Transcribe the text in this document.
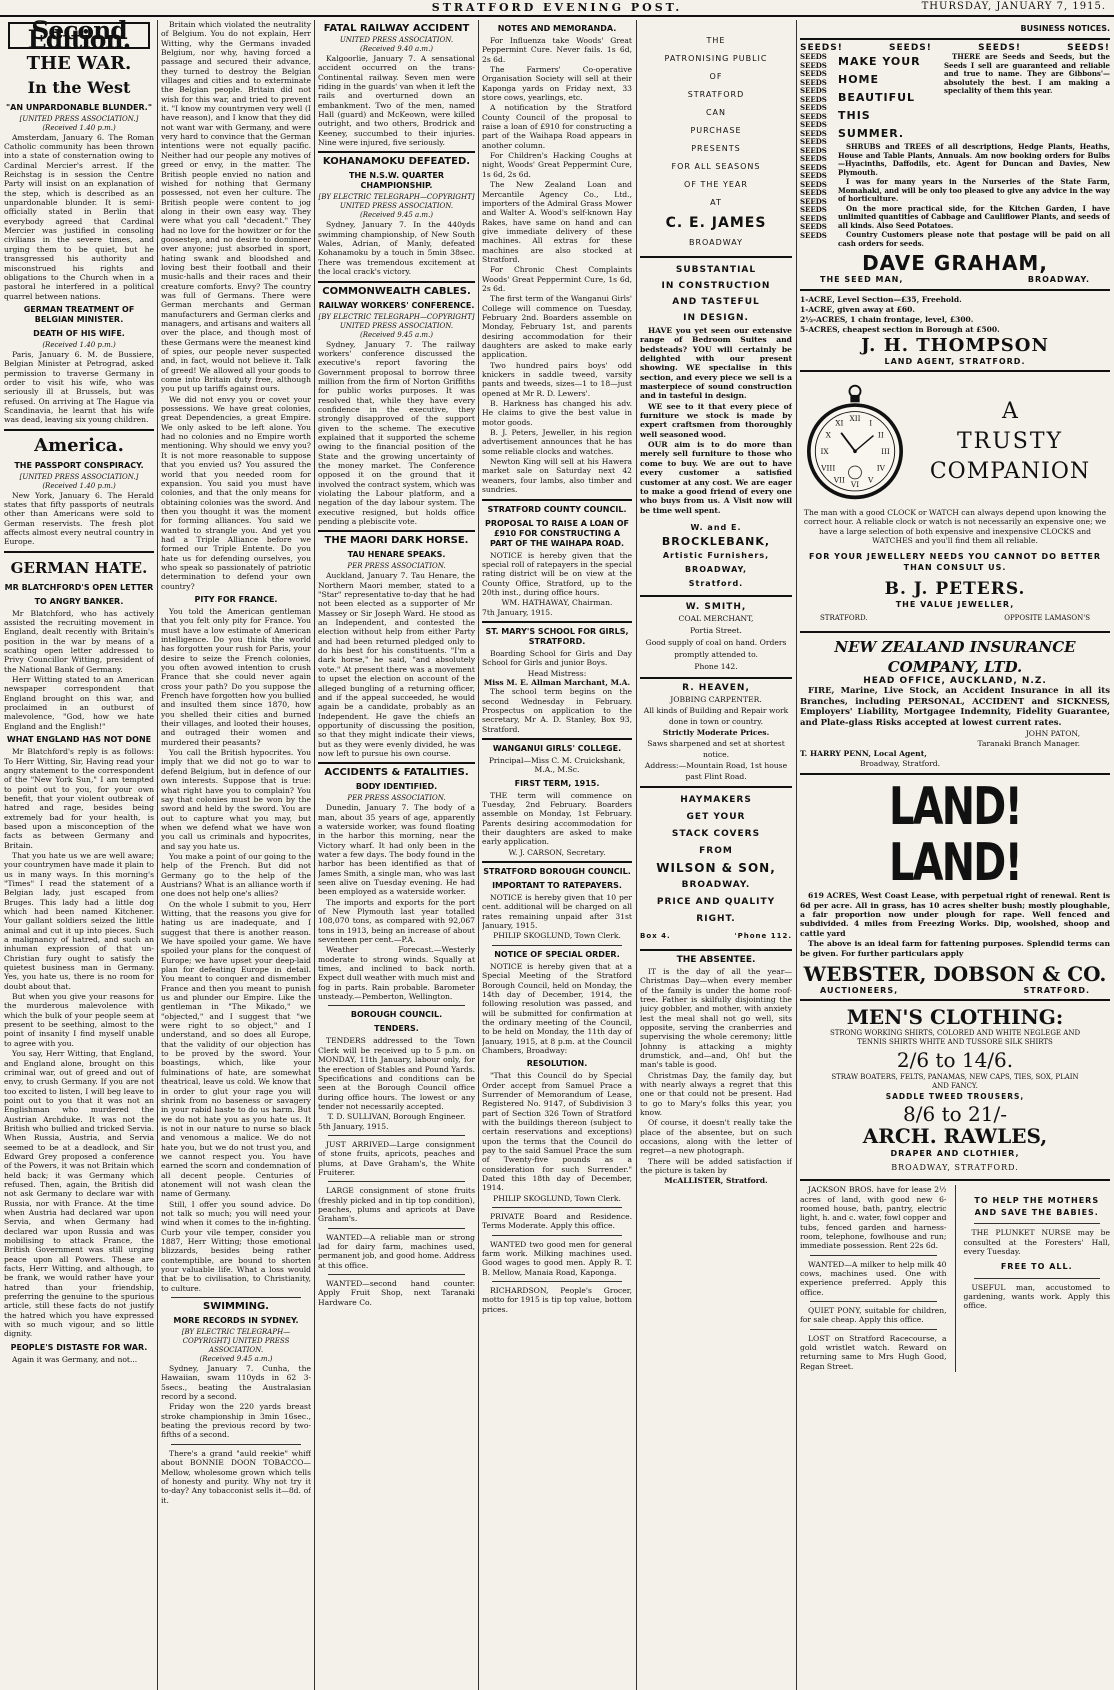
STRATFORD EVENING POST.	THURSDAY, JANUARY 7, 1915.
Second Edition.
THE WAR.
In the West
"AN UNPARDONABLE BLUNDER."
[UNITED PRESS ASSOCIATION.]
(Received 1.40 p.m.)

Amsterdam, January 6. The Roman Catholic community has been thrown into a state of consternation owing to Cardinal Mercier's arrest. If the Reichstag is in session the Centre Party will insist on an explanation of the step, which is described as an unpardonable blunder. It is semi-officially stated in Berlin that everybody agreed that Cardinal Mercier was justified in consoling civilians in the severe times, and urging them to be quiet, but he transgressed his authority and misconstrued his rights and obligations to the Church when in a pastoral he interfered in a political quarrel between nations.

GERMAN TREATMENT OF BELGIAN MINISTER.
DEATH OF HIS WIFE.
(Received 1.40 p.m.)

Paris, January 6. M. de Bussiere, Belgian Minister at Petrograd, asked permission to traverse Germany in order to visit his wife, who was seriously ill at Brussels, but was refused. On arriving at The Hague via Scandinavia, he learnt that his wife was dead, leaving six young children.

America.
THE PASSPORT CONSPIRACY.
[UNITED PRESS ASSOCIATION.]
(Received 1.40 p.m.)

New York, January 6. The Herald states that fifty passports of neutrals other than Americans were sold to German reservists. The fresh plot affects almost every neutral country in Europe.

GERMAN HATE.
MR BLATCHFORD'S OPEN LETTER
TO ANGRY BANKER.

Mr Blatchford, who has actively assisted the recruiting movement in England, dealt recently with Britain's position in the war by means of a scathing open letter addressed to Privy Councillor Witting, president of the National Bank of Germany.

Herr Witting stated to an American newspaper correspondent that England brought on this war, and proclaimed in an outburst of malevolence, "God, how we hate England and the English!"

WHAT ENGLAND HAS NOT DONE

Mr Blatchford's reply is as follows: To Herr Witting, Sir, Having read your angry statement to the correspondent of the "New York Sun," I am tempted to point out to you, for your own benefit, that your violent outbreak of hatred and rage, besides being extremely bad for your health, is based upon a misconception of the facts as between Germany and Britain.

That you hate us we are well aware; your countrymen have made it plain to us in many ways. In this morning's "Times" I read the statement of a Belgian lady, just escaped from Bruges. This lady had a little dog which had been named Kitchener. Your gallant soldiers seized the little animal and cut it up into pieces. Such a malignancy of hatred, and such an inhuman expression of that un-Christian fury ought to satisfy the quietest business man in Germany. Yes, you hate us, there is no room for doubt about that.

But when you give your reasons for the murderous malevolence with which the bulk of your people seem at present to be seething, almost to the point of insanity I find myself unable to agree with you.

You say, Herr Witting, that England, and England alone, brought on this criminal war, out of greed and out of envy, to crush Germany. If you are not too excited to listen, I will beg leave to point out to you that it was not an Englishman who murdered the Austrian Archduke. It was not the British who bullied and tricked Servia. When Russia, Austria, and Servia seemed to be at a deadlock, and Sir Edward Grey proposed a conference of the Powers, it was not Britain which held back; it was Germany which refused. Then, again, the British did not ask Germany to declare war with Russia, nor with France. At the time when Austria had declared war upon Servia, and when Germany had declared war upon Russia and was mobilising to attack France, the British Government was still urging peace upon all Powers. These are facts, Herr Witting, and although, to be frank, we would rather have your hatred than your friendship, preferring the genuine to the spurious article, still these facts do not justify the hatred which you have expressed with so much vigour, and so little dignity.

PEOPLE'S DISTASTE FOR WAR.

Again it was Germany, and not...

Britain which violated the neutrality of Belgium. You do not explain, Herr Witting, why the Germans invaded Belgium, nor why, having forced a passage and secured their advance, they turned to destroy the Belgian villages and cities and to exterminate the Belgian people. Britain did not wish for this war, and tried to prevent it. "I know my countrymen very well (I have reason), and I know that they did not want war with Germany, and were very hard to convince that the German intentions were not equally pacific. Neither had our people any motives of greed or envy, in the matter. The British people envied no nation and wished for nothing that Germany possessed, not even her culture. The British people were content to jog along in their own easy way. They were what you call "decadent." They had no love for the howitzer or for the goosestep, and no desire to domineer over anyone; just absorbed in sport, hating swank and bloodshed and loving best their football and their music-halls and their races and their creature comforts. Envy? The country was full of Germans. There were German merchants and German manufacturers and German clerks and managers, and artisans and waiters all over the place, and though most of these Germans were the meanest kind of spies, our people never suspected and, in fact, would not believe it. Talk of greed! We allowed all your goods to come into Britain duty free, although you put up tariffs against ours.

We did not envy you or covet your possessions. We have great colonies, great Dependencies, a great Empire. We only asked to be left alone. You had no colonies and no Empire worth mentioning. Why should we envy you? It is not more reasonable to suppose that you envied us? You assured the world that you needed room for expansion. You said you must have colonies, and that the only means for obtaining colonies was the sword. And then you thought it was the moment for forming alliances. You said we wanted to strangle you. And yet you had a Triple Alliance before we formed our Triple Entente. Do you hate us for defending ourselves, you who speak so passionately of patriotic determination to defend your own country?

PITY FOR FRANCE.

You told the American gentleman that you felt only pity for France. You must have a low estimate of American intelligence. Do you think the world has forgotten your rush for Paris, your desire to seize the French colonies, you often avowed intention to crush France that she could never again cross your path? Do you suppose the French have forgotten how you bullied and insulted them since 1870, how you shelled their cities and burned their villages, and looted their houses, and outraged their women and murdered their peasants?

You call the British hypocrites. You imply that we did not go to war to defend Belgium, but in defence of our own interests. Suppose that is true: what right have you to complain? You say that colonies must be won by the sword and held by the sword. You are out to capture what you may, but when we defend what we have won you call us criminals and hypocrites, and say you hate us.

You make a point of our going to the help of the French. But did not Germany go to the help of the Austrians? What is an alliance worth if one does not help one's allies?

On the whole I submit to you, Herr Witting, that the reasons you give for hating us are inadequate, and I suggest that there is another reason. We have spoiled your game. We have spoiled your plans for the conquest of Europe; we have upset your deep-laid plan for defeating Europe in detail. You meant to conquer and dismember France and then you meant to punish us and plunder our Empire. Like the gentleman in "The Mikado," we "objected," and I suggest that "we were right to so object," and I understand, and so does all Europe, that the validity of our objection has to be proved by the sword. Your boastings, which, like your fulminations of hate, are somewhat theatrical, leave us cold. We know that in order to glut your rage you will shrink from no baseness or savagery in your rabid haste to do us harm. But we do not hate you as you hate us. It is not in our nature to nurse so black and venomous a malice. We do not hate you, but we do not trust you, and we cannot respect you. You have earned the scorn and condemnation of all decent people. Centuries of atonement will not wash clean the name of Germany.

Still, I offer you sound advice. Do not talk so much; you will need your wind when it comes to the in-fighting. Curb your vile temper, consider you 1887, Herr Witting; those emotional blizzards, besides being rather contemptible, are bound to shorten your valuable life. What a loss would that be to civilisation, to Christianity, to culture.

SWIMMING.
MORE RECORDS IN SYDNEY.
[BY ELECTRIC TELEGRAPH—COPYRIGHT] UNITED PRESS ASSOCIATION.
(Received 9.45 a.m.)

Sydney, January 7. Cunha, the Hawaiian, swam 110yds in 62 3-5secs., beating the Australasian record by a second.

Friday won the 220 yards breast stroke championship in 3min 16sec., beating the previous record by two-fifths of a second.

There's a grand "auld reekie" whiff about BONNIE DOON TOBACCO—Mellow, wholesome grown which tells of honesty and purity. Why not try it to-day? Any tobacconist sells it—8d. of it.

FATAL RAILWAY ACCIDENT
UNITED PRESS ASSOCIATION.
(Received 9.40 a.m.)

Kalgoorlie, January 7. A sensational accident occurred on the trans-Continental railway. Seven men were riding in the guards' van when it left the rails and overturned down an embankment. Two of the men, named Hall (guard) and McKeown, were killed outright, and two others, Brodrick and Keeney, succumbed to their injuries. Nine were injured, five seriously.

KOHANAMOKU DEFEATED.
THE N.S.W. QUARTER CHAMPIONSHIP.
[BY ELECTRIC TELEGRAPH—COPYRIGHT] UNITED PRESS ASSOCIATION.
(Received 9.45 a.m.)

Sydney, January 7. In the 440yds swimming championship, of New South Wales, Adrian, of Manly, defeated Kohanamoku by a touch in 5min 38sec. There was tremendous excitement at the local crack's victory.

COMMONWEALTH CABLES.
RAILWAY WORKERS' CONFERENCE.
[BY ELECTRIC TELEGRAPH—COPYRIGHT] UNITED PRESS ASSOCIATION.
(Received 9.45 a.m.)

Sydney, January 7. The railway workers' conference discussed the executive's report favoring the Government proposal to borrow three million from the firm of Norton Griffiths for public works purposes. It was resolved that, while they have every confidence in the executive, they strongly disapproved of the support given to the scheme. The executive explained that it supported the scheme owing to the financial position of the State and the growing uncertainty of the money market. The Conference opposed it on the ground that it involved the contract system, which was violating the Labour platform, and a negation of the day labour system. The executive resigned, but holds office pending a plebiscite vote.

THE MAORI DARK HORSE.
TAU HENARE SPEAKS.
PER PRESS ASSOCIATION.

Auckland, January 7. Tau Henare, the Northern Maori member, stated to a "Star" representative to-day that he had not been elected as a supporter of Mr Massey or Sir Joseph Ward. He stood as an Independent, and contested the election without help from either Party and had been returned pledged only to do his best for his constituents. "I'm a dark horse," he said, "and absolutely vote." At present there was a movement to upset the election on account of the alleged bungling of a returning officer, and if the appeal succeeded, he would again be a candidate, probably as an Independent. He gave the chiefs an opportunity of discussing the position, so that they might indicate their views, but as they were evenly divided, he was now left to pursue his own course.

ACCIDENTS & FATALITIES.
BODY IDENTIFIED.
PER PRESS ASSOCIATION.

Dunedin, January 7. The body of a man, about 35 years of age, apparently a waterside worker, was found floating in the harbor this morning, near the Victory wharf. It had only been in the water a few days. The body found in the harbor has been identified as that of James Smith, a single man, who was last seen alive on Tuesday evening. He had been employed as a waterside worker.

The imports and exports for the port of New Plymouth last year totalled 108,070 tons, as compared with 92,067 tons in 1913, being an increase of about seventeen per cent.—P.A.

Weather Forecast.—Westerly moderate to strong winds. Squally at times, and inclined to back north. Expect dull weather with much mist and fog in parts. Rain probable. Barometer unsteady.—Pemberton, Wellington.

BOROUGH COUNCIL.
TENDERS.

TENDERS addressed to the Town Clerk will be received up to 5 p.m. on MONDAY, 11th January, labour only, for the erection of Stables and Pound Yards. Specifications and conditions can be seen at the Borough Council office during office hours. The lowest or any tender not necessarily accepted.

T. D. SULLIVAN, Borough Engineer.
5th January, 1915.

JUST ARRIVED—Large consignment of stone fruits, apricots, peaches and plums, at Dave Graham's, the White Fruiterer.

LARGE consignment of stone fruits (freshly picked and in tip top condition), peaches, plums and apricots at Dave Graham's.

WANTED—A reliable man or strong lad for dairy farm, machines used, permanent job, and good home. Address at this office.

WANTED—second hand counter. Apply Fruit Shop, next Taranaki Hardware Co.

NOTES AND MEMORANDA.

For Influenza take Woods' Great Peppermint Cure. Never fails. 1s 6d, 2s 6d.

The Farmers' Co-operative Organisation Society will sell at their Kaponga yards on Friday next, 33 store cows, yearlings, etc.

A notification by the Stratford County Council of the proposal to raise a loan of £910 for constructing a part of the Waihapa Road appears in another column.

For Children's Hacking Coughs at night, Woods' Great Peppermint Cure, 1s 6d, 2s 6d.

The New Zealand Loan and Mercantile Agency Co., Ltd., importers of the Admiral Grass Mower and Walter A. Wood's self-known Hay Rakes, have same on hand and can give immediate delivery of these machines. All extras for these machines are also stocked at Stratford.

For Chronic Chest Complaints Woods' Great Peppermint Cure, 1s 6d, 2s 6d.

The first term of the Wanganui Girls' College will commence on Tuesday, February 2nd. Boarders assemble on Monday, February 1st, and parents desiring accommodation for their daughters are asked to make early application.

Two hundred pairs boys' odd knickers in saddle tweed, varsity pants and tweeds, sizes—1 to 18—just opened at Mr R. D. Lewers'.

B. Harkness has changed his adv. He claims to give the best value in motor goods.

B. J. Peters, Jeweller, in his region advertisement announces that he has some reliable clocks and watches.

Newton King will sell at his Hawera market sale on Saturday next 42 weaners, four lambs, also timber and sundries.

STRATFORD COUNTY COUNCIL.
PROPOSAL TO RAISE A LOAN OF £910 FOR CONSTRUCTING A PART OF THE WAIHAPA ROAD.

NOTICE is hereby given that the special roll of ratepayers in the special rating district will be on view at the County Office, Stratford, up to the 20th inst., during office hours.

WM. HATHAWAY, Chairman.
7th January, 1915.
ST. MARY'S SCHOOL FOR GIRLS, STRATFORD.

Boarding School for Girls and Day School for Girls and junior Boys.

Head Mistress:
Miss M. E. Allman Marchant, M.A.

The school term begins on the second Wednesday in February. Prospectus on application to the secretary, Mr A. D. Stanley, Box 93, Stratford.

WANGANUI GIRLS' COLLEGE.
Principal—Miss C. M. Cruickshank, M.A., M.Sc.
FIRST TERM, 1915.

THE term will commence on Tuesday, 2nd February. Boarders assemble on Monday, 1st February. Parents desiring accommodation for their daughters are asked to make early application.

W. J. CARSON, Secretary.
STRATFORD BOROUGH COUNCIL.
IMPORTANT TO RATEPAYERS.

NOTICE is hereby given that 10 per cent. additional will be charged on all rates remaining unpaid after 31st January, 1915.

PHILIP SKOGLUND, Town Clerk.
NOTICE OF SPECIAL ORDER.

NOTICE is hereby given that at a Special Meeting of the Stratford Borough Council, held on Monday, the 14th day of December, 1914, the following resolution was passed, and will be submitted for confirmation at the ordinary meeting of the Council, to be held on Monday, the 11th day of January, 1915, at 8 p.m. at the Council Chambers, Broadway:

RESOLUTION.

"That this Council do by Special Order accept from Samuel Prace a Surrender of Memorandum of Lease, Registered No. 9147, of Subdivision 3 part of Section 326 Town of Stratford with the buildings thereon (subject to certain reservations and exceptions) upon the terms that the Council do pay to the said Samuel Prace the sum of Twenty-five pounds as a consideration for such Surrender." Dated this 18th day of December, 1914.

PHILIP SKOGLUND, Town Clerk.

PRIVATE Board and Residence. Terms Moderate. Apply this office.

WANTED two good men for general farm work. Milking machines used. Good wages to good men. Apply R. T. B. Mellow, Manaia Road, Kaponga.

RICHARDSON, People's Grocer, motto for 1915 is tip top value, bottom prices.

THE
PATRONISING PUBLIC
OF
STRATFORD
CAN
PURCHASE
PRESENTS
FOR ALL SEASONS
OF THE YEAR
AT
C. E. JAMES
BROADWAY
SUBSTANTIAL
IN CONSTRUCTION
AND TASTEFUL
IN DESIGN.

HAVE you yet seen our extensive range of Bedroom Suites and bedsteads? YOU will certainly be delighted with our present showing. WE specialise in this section, and every piece we sell is a masterpiece of sound construction and in tasteful in design.

WE see to it that every piece of furniture we stock is made by expert craftsmen from thoroughly well seasoned wood.

OUR aim is to do more than merely sell furniture to those who come to buy. We are out to have every customer a satisfied customer at any cost. We are eager to make a good friend of every one who buys from us. A Visit now will be time well spent.

W. and E.
BROCKLEBANK,
Artistic Furnishers,
BROADWAY,
Stratford.
W. SMITH,
COAL MERCHANT,
Portia Street.
Good supply of coal on hand. Orders promptly attended to.
Phone 142.
R. HEAVEN,
JOBBING CARPENTER.
All kinds of Building and Repair work done in town or country.
Strictly Moderate Prices.
Saws sharpened and set at shortest notice.
Address:—Mountain Road, 1st house past Flint Road.
HAYMAKERS
GET YOUR
STACK COVERS
FROM
WILSON & SON,
BROADWAY.
PRICE AND QUALITY
RIGHT.
Box 4.	'Phone 112.
THE ABSENTEE.

IT is the day of all the year—Christmas Day—when every member of the family is under the home roof-tree. Father is skilfully disjointing the juicy gobbler, and mother, with anxiety lest the meal shall not go well, sits opposite, serving the cranberries and supervising the whole ceremony; little Johnny is attacking a mighty drumstick, and—and, Oh! but the man's table is good.

Christmas Day, the family day, but with nearly always a regret that this one or that could not be present. Had to go to Mary's folks this year, you know.

Of course, it doesn't really take the place of the absentee, but on such occasions, along with the letter of regret—a new photograph.

There will be added satisfaction if the picture is taken by

McALLISTER, Stratford.
BUSINESS NOTICES.
SEEDS!	SEEDS!	SEEDS!	SEEDS!
SEEDS
SEEDS
SEEDS
SEEDS
SEEDS
SEEDS
SEEDS
SEEDS
SEEDS
SEEDS
SEEDS
SEEDS
SEEDS
SEEDS
SEEDS
SEEDS
SEEDS
SEEDS
SEEDS
SEEDS
SEEDS
SEEDS
MAKE YOUR HOME BEAUTIFUL THIS SUMMER.

THERE are Seeds and Seeds, but the Seeds I sell are guaranteed and reliable and true to name. They are Gibbons'—absolutely the best. I am making a speciality of them this year.

SHRUBS and TREES of all descriptions, Hedge Plants, Heaths, House and Table Plants, Annuals. Am now booking orders for Bulbs—Hyacinths, Daffodils, etc. Agent for Duncan and Davies, New Plymouth.

I was for many years in the Nurseries of the State Farm, Momahaki, and will be only too pleased to give any advice in the way of horticulture.

On the more practical side, for the Kitchen Garden, I have unlimited quantities of Cabbage and Cauliflower Plants, and seeds of all kinds. Also Seed Potatoes.

Country Customers please note that postage will be paid on all cash orders for seeds.

DAVE GRAHAM,
THE SEED MAN,	BROADWAY.
1-ACRE, Level Section—£35, Freehold.
1-ACRE, given away at £60.
2½-ACRES, 1 chain frontage, level, £300.
5-ACRES, cheapest section in Borough at £500.
J. H. THOMPSON
LAND AGENT, STRATFORD.
XII
III
VI
IX
I
II
IV
V
VII
VIII
X
XI	A
TRUSTY
COMPANION

The man with a good CLOCK or WATCH can always depend upon knowing the correct hour. A reliable clock or watch is not necessarily an expensive one; we have a large selection of both expensive and inexpensive CLOCKS and WATCHES and you'll find them all reliable.

FOR YOUR JEWELLERY NEEDS YOU CANNOT DO BETTER THAN CONSULT US.
B. J. PETERS.
THE VALUE JEWELLER,
STRATFORD.	OPPOSITE LAMASON'S
NEW ZEALAND INSURANCE COMPANY, LTD.
HEAD OFFICE, AUCKLAND, N.Z.

FIRE, Marine, Live Stock, an Accident Insurance in all its Branches, including PERSONAL, ACCIDENT and SICKNESS, Employers' Liability, Mortgagee Indemnity, Fidelity Guarantee, and Plate-glass Risks accepted at lowest current rates.

JOHN PATON,
Taranaki Branch Manager.
T. HARRY PENN, Local Agent,
Broadway, Stratford.
LAND! LAND!

619 ACRES, West Coast Lease, with perpetual right of renewal. Rent is 6d per acre. All in grass, has 10 acres shelter bush; mostly ploughable, a fair proportion now under plough for rape. Well fenced and subdivided. 4 miles from Freezing Works. Dip, woolshed, shoop and cattle yard

The above is an ideal farm for fattening purposes. Splendid terms can be given. For further particulars apply

WEBSTER, DOBSON & CO.
AUCTIONEERS,	STRATFORD.
MEN'S CLOTHING:
STRONG WORKING SHIRTS, COLORED AND WHITE NEGLEGE AND TENNIS SHIRTS WHITE AND TUSSORE SILK SHIRTS
2/6 to 14/6.
STRAW BOATERS, FELTS, PANAMAS, NEW CAPS, TIES, SOX, PLAIN AND FANCY.
SADDLE TWEED TROUSERS,
8/6 to 21/-
ARCH. RAWLES,
DRAPER AND CLOTHIER,
BROADWAY, STRATFORD.

JACKSON BROS. have for lease 2½ acres of land, with good new 6-roomed house, bath, pantry, electric light, h. and c. water, fowl copper and tubs, fenced garden and harness-room, telephone, fowlhouse and run; immediate possession. Rent 22s 6d.

WANTED—A milker to help milk 40 cows, machines used. One with experience preferred. Apply this office.

QUIET PONY, suitable for children, for sale cheap. Apply this office.

LOST on Stratford Racecourse, a gold wristlet watch. Reward on returning same to Mrs Hugh Good, Regan Street.

TO HELP THE MOTHERS AND SAVE THE BABIES.

THE PLUNKET NURSE may be consulted at the Foresters' Hall, every Tuesday.

FREE TO ALL.

USEFUL man, accustomed to gardening, wants work. Apply this office.
